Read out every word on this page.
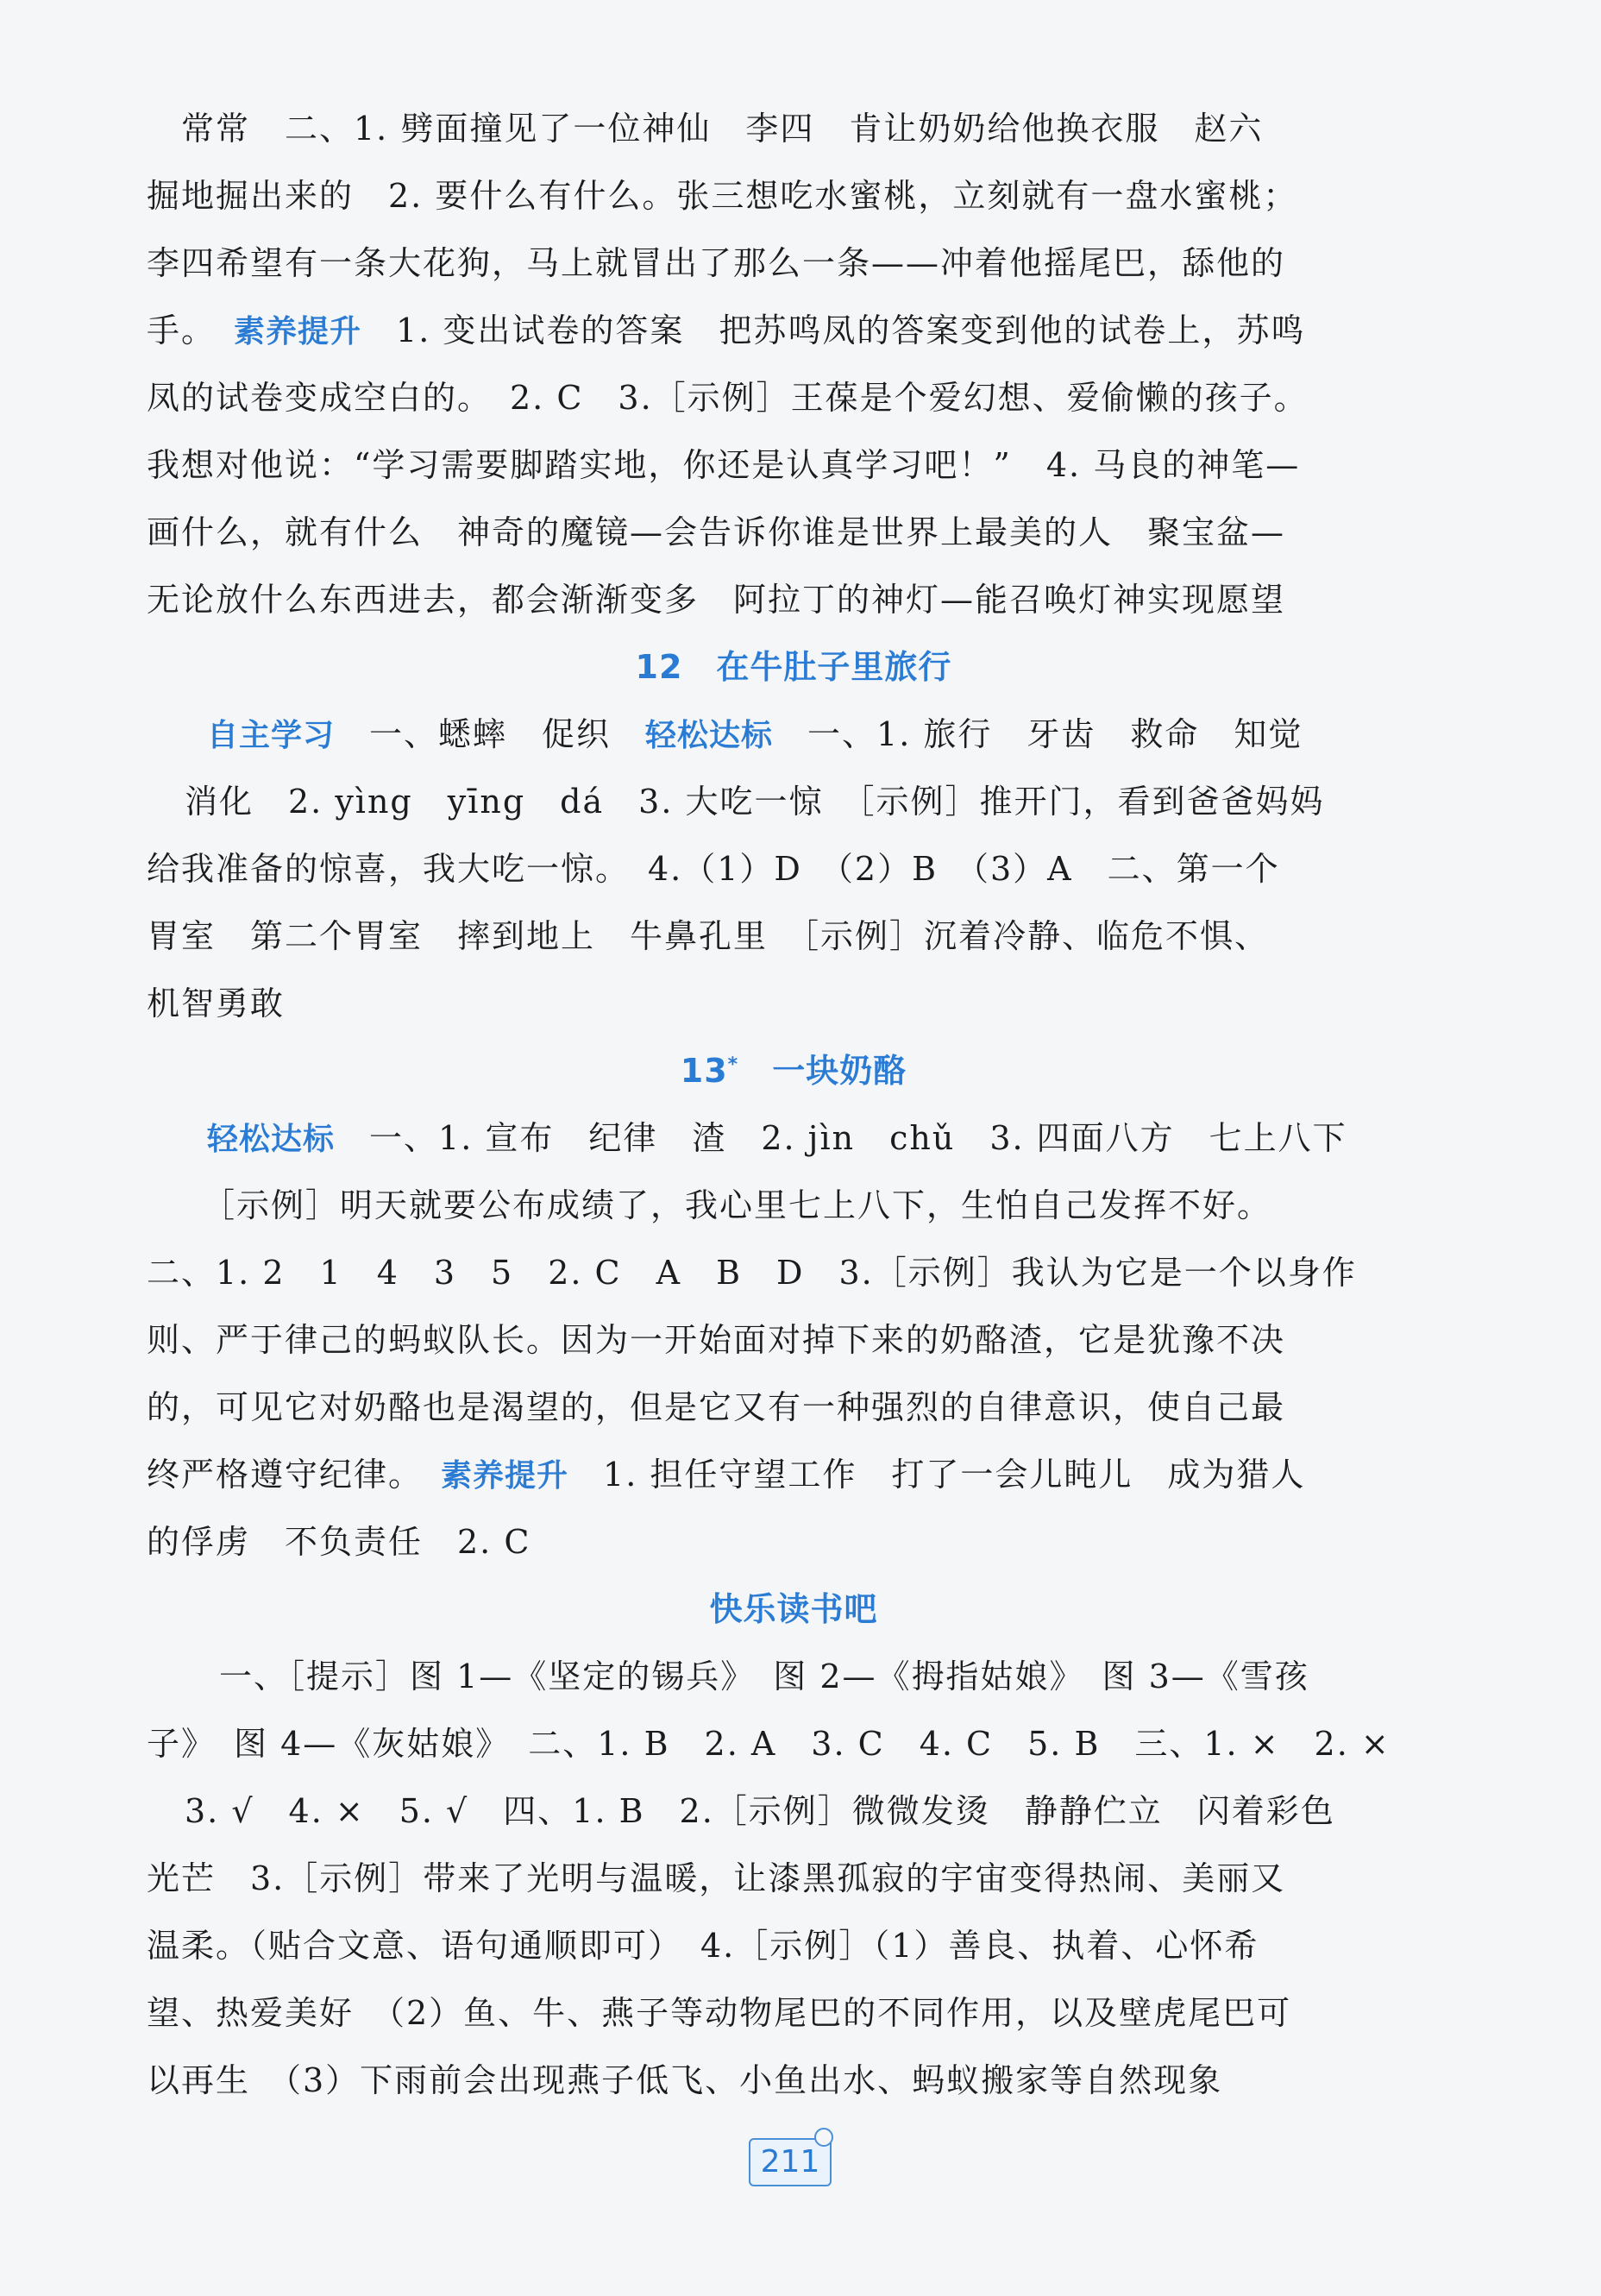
常常　二、1. 劈面撞见了一位神仙　李四　肯让奶奶给他换衣服　赵六
掘地掘出来的　2. 要什么有什么。张三想吃水蜜桃，立刻就有一盘水蜜桃；
李四希望有一条大花狗，马上就冒出了那么一条——冲着他摇尾巴，舔他的
手。　素养提升　1. 变出试卷的答案　把苏鸣凤的答案变到他的试卷上，苏鸣
凤的试卷变成空白的。　2. C　3.［示例］王葆是个爱幻想、爱偷懒的孩子。
我想对他说：“学习需要脚踏实地，你还是认真学习吧！”　4. 马良的神笔—
画什么，就有什么　神奇的魔镜—会告诉你谁是世界上最美的人　聚宝盆—
无论放什么东西进去，都会渐渐变多　阿拉丁的神灯—能召唤灯神实现愿望
12　在牛肚子里旅行
自主学习　一、蟋蟀　促织　轻松达标　一、1. 旅行　牙齿　救命　知觉
消化　2. yìng　yīng　dá　3. 大吃一惊　［示例］推开门，看到爸爸妈妈
给我准备的惊喜，我大吃一惊。　4.（1）D　（2）B　（3）A　二、第一个
胃室　第二个胃室　摔到地上　牛鼻孔里　［示例］沉着冷静、临危不惧、
机智勇敢
13*　一块奶酪
轻松达标　一、1. 宣布　纪律　渣　2. jìn　chǔ　3. 四面八方　七上八下
［示例］明天就要公布成绩了，我心里七上八下，生怕自己发挥不好。
二、1. 2　1　4　3　5　2. C　A　B　D　3.［示例］我认为它是一个以身作
则、严于律己的蚂蚁队长。因为一开始面对掉下来的奶酪渣，它是犹豫不决
的，可见它对奶酪也是渴望的，但是它又有一种强烈的自律意识，使自己最
终严格遵守纪律。　素养提升　1. 担任守望工作　打了一会儿盹儿　成为猎人
的俘虏　不负责任　2. C
快乐读书吧
一、［提示］图 1—《坚定的锡兵》　图 2—《拇指姑娘》　图 3—《雪孩
子》　图 4—《灰姑娘》　二、1. B　2. A　3. C　4. C　5. B　三、1. ×　2. ×
3. √　4. ×　5. √　四、1. B　2.［示例］微微发烫　静静伫立　闪着彩色
光芒　3.［示例］带来了光明与温暖，让漆黑孤寂的宇宙变得热闹、美丽又
温柔。（贴合文意、语句通顺即可）　4.［示例］（1）善良、执着、心怀希
望、热爱美好　（2）鱼、牛、燕子等动物尾巴的不同作用，以及壁虎尾巴可
以再生　（3）下雨前会出现燕子低飞、小鱼出水、蚂蚁搬家等自然现象
211
